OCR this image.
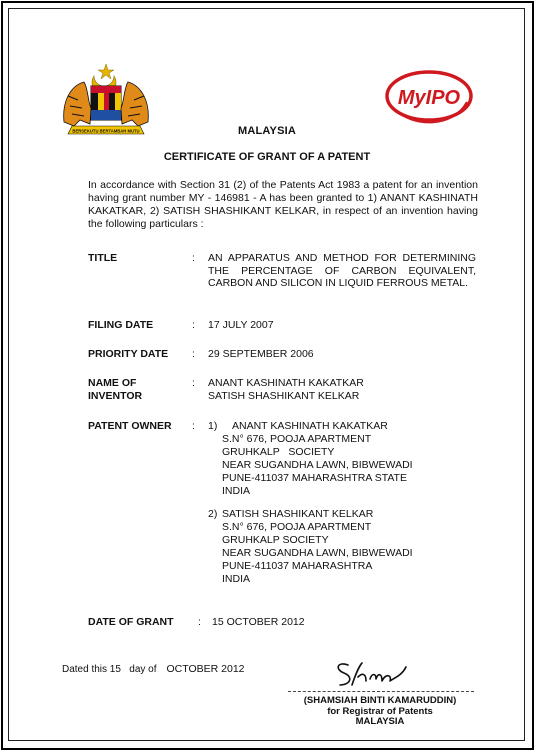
BERSEKUTU BERTAMBAH MUTU
MyIPO
MALAYSIA
CERTIFICATE OF GRANT OF A PATENT
In accordance with Section 31 (2) of the Patents Act 1983 a patent for an invention having grant number MY - 146981 - A has been granted to 1) ANANT KASHINATH KAKATKAR, 2) SATISH SHASHIKANT KELKAR, in respect of an invention having the following particulars :
TITLE	: AN APPARATUS AND METHOD FOR DETERMINING THE PERCENTAGE OF CARBON EQUIVALENT, CARBON AND SILICON IN LIQUID FERROUS METAL.
FILING DATE	: 17 JULY 2007
PRIORITY DATE : 29 SEPTEMBER 2006
NAME OF
INVENTOR
: ANANT KASHINATH KAKATKAR
SATISH SHASHIKANT KELKAR
PATENT OWNER : 1) ANANT KASHINATH KAKATKAR
S.N° 676, POOJA APARTMENT
GRUHKALP   SOCIETY
NEAR SUGANDHA LAWN, BIBWEWADI
PUNE-411037 MAHARASHTRA STATE
INDIA
2) SATISH SHASHIKANT KELKAR
S.N° 676, POOJA APARTMENT
GRUHKALP SOCIETY
NEAR SUGANDHA LAWN, BIBWEWADI
PUNE-411037 MAHARASHTRA
INDIA
DATE OF GRANT : 15 OCTOBER 2012
Dated this 15   day of OCTOBER 2012
(SHAMSIAH BINTI KAMARUDDIN)
for Registrar of Patents
MALAYSIA
